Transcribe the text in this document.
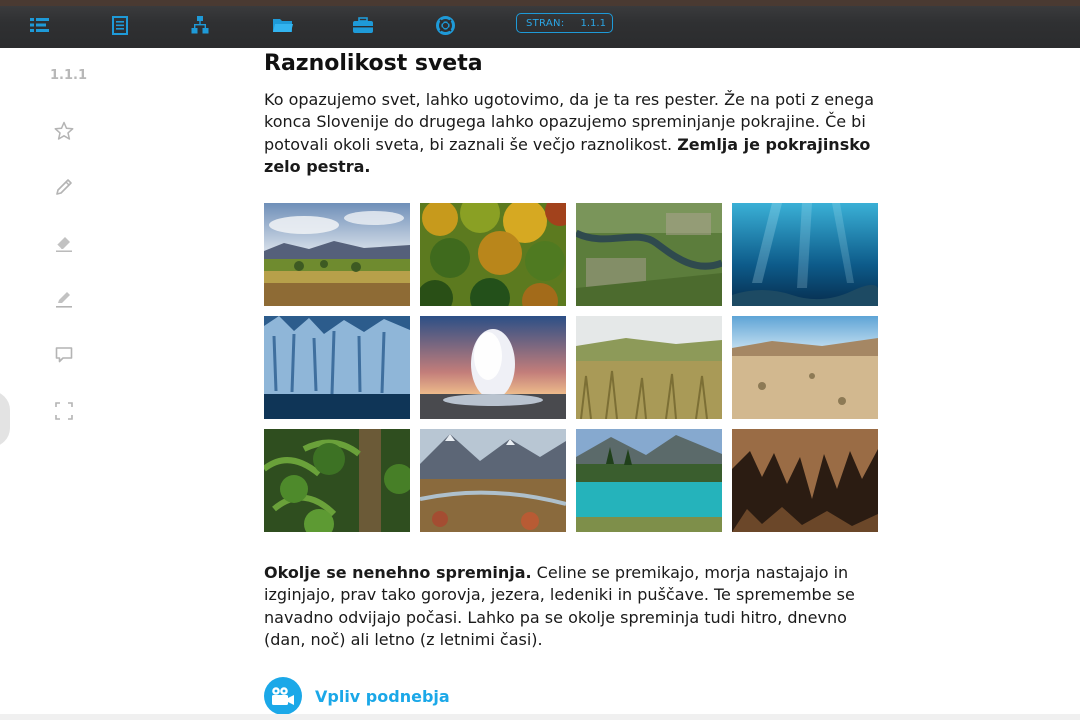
STRAN: 1.1.1
1.1.1	Raznolikost sveta

Ko opazujemo svet, lahko ugotovimo, da je ta res pester. Že na poti z enega konca Slovenije do drugega lahko opazujemo spreminjanje pokrajine. Če bi potovali okoli sveta, bi zaznali še večjo raznolikost. Zemlja je pokrajinsko zelo pestra.

Okolje se nenehno spreminja. Celine se premikajo, morja nastajajo in izginjajo, prav tako gorovja, jezera, ledeniki in puščave. Te spremembe se navadno odvijajo počasi. Lahko pa se okolje spreminja tudi hitro, dnevno (dan, noč) ali letno (z letnimi časi).

Vpliv podnebja
